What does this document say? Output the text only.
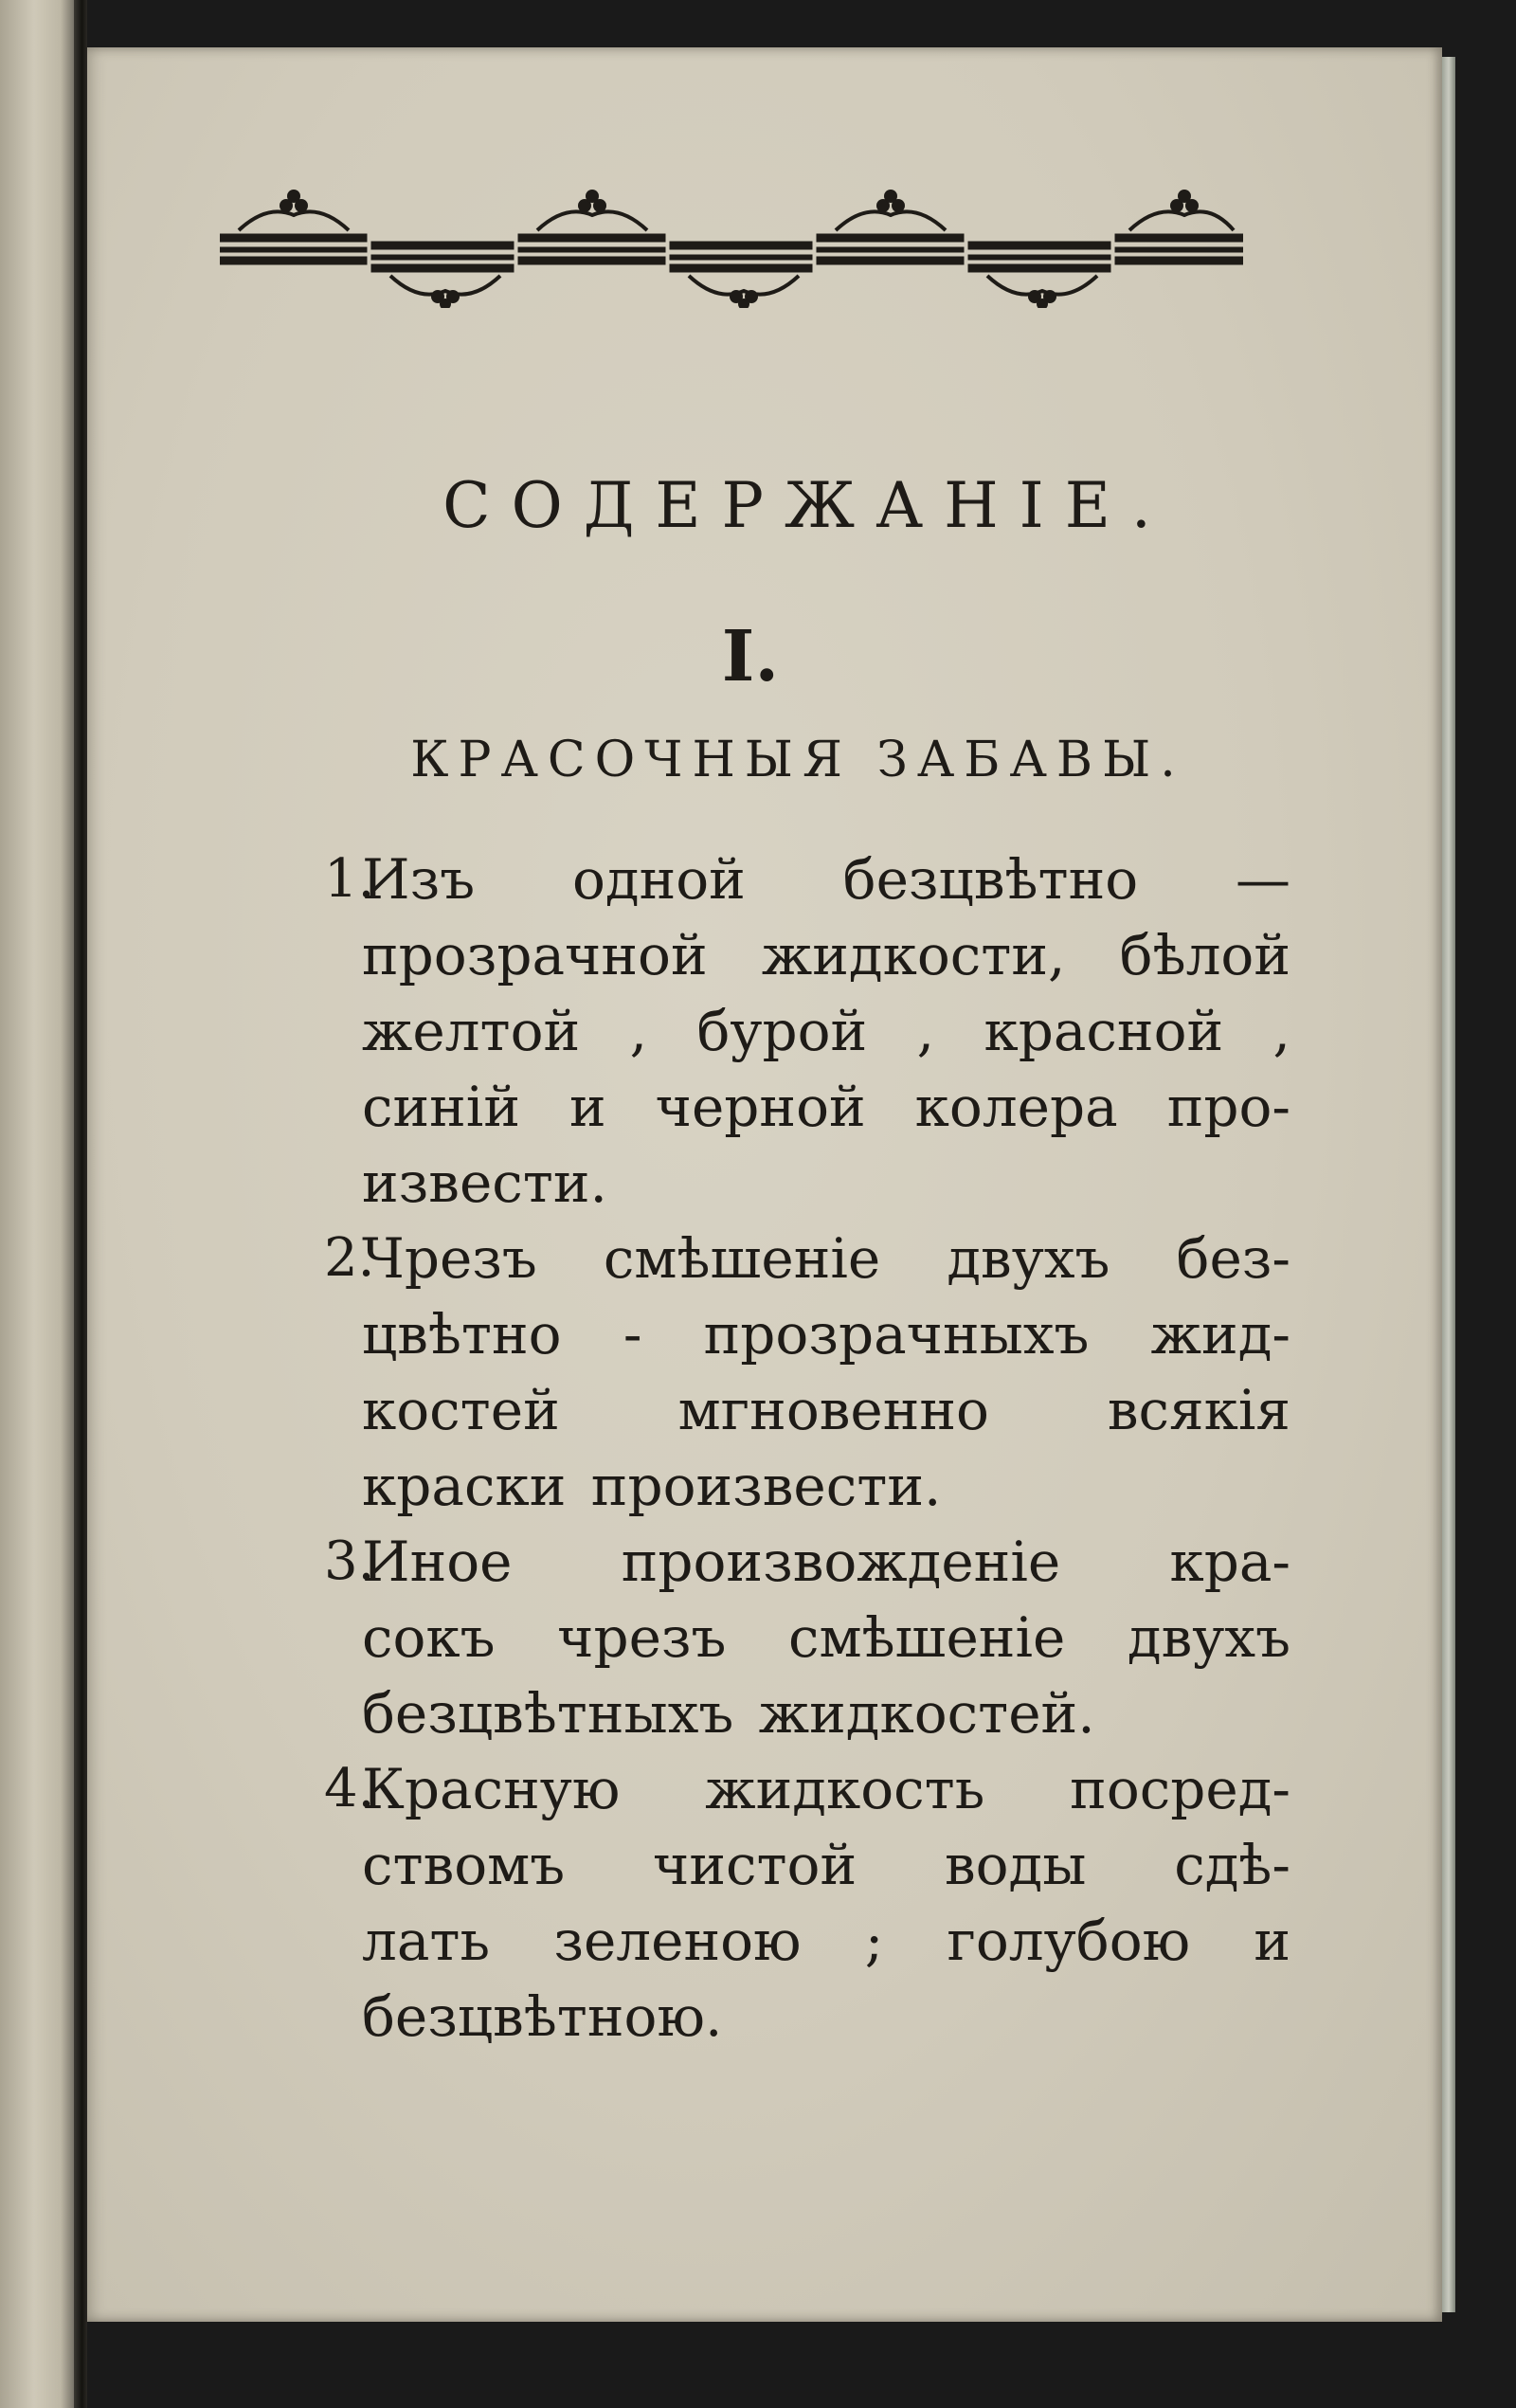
СОДЕРЖАНІЕ.
I.
КРАСОЧНЫЯ ЗАБАВЫ.
1.
Изъ одной безцвѣтно —
прозрачной жидкости, бѣлой
желтой , бурой , красной ,
синій и черной колера про-
извести.
2.
Чрезъ смѣшеніе двухъ без-
цвѣтно - прозрачныхъ жид-
костей мгновенно всякія
краски произвести.
3.
Иное произвожденіе кра-
сокъ чрезъ смѣшеніе двухъ
безцвѣтныхъ жидкостей.
4.
Красную жидкость посред-
ствомъ чистой воды сдѣ-
лать зеленою ; голубою и
безцвѣтною.
